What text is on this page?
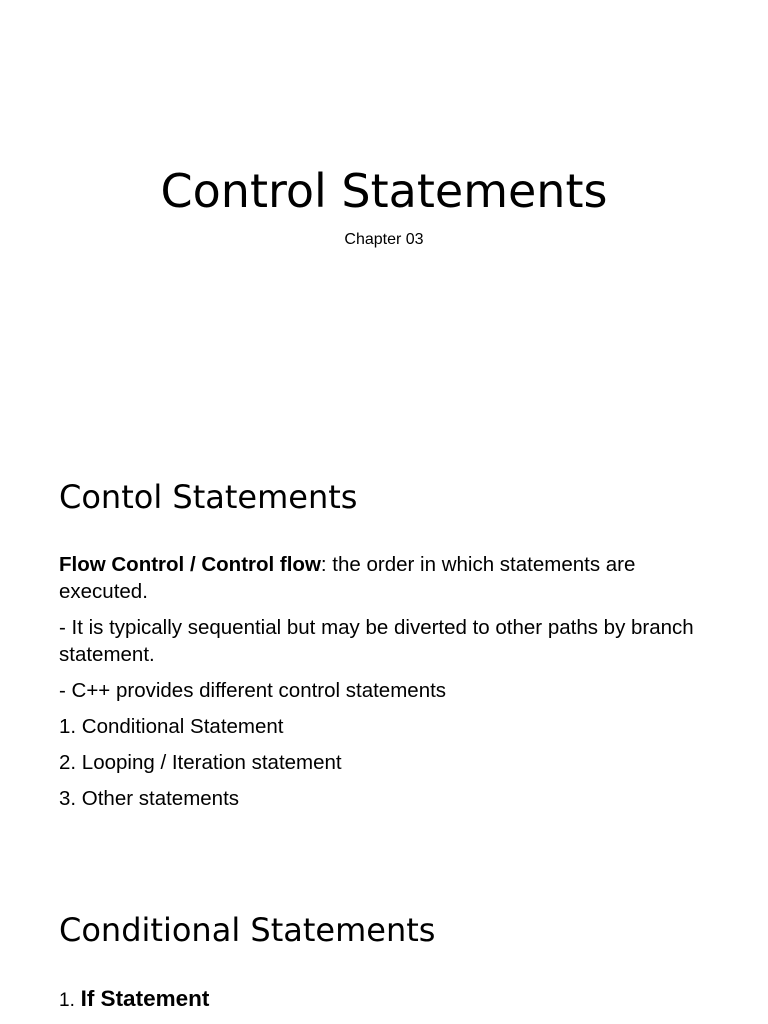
Control Statements

Chapter 03

Contol Statements

Flow Control / Control flow: the order in which statements are executed.

- It is typically sequential but may be diverted to other paths by branch statement.

- C++ provides different control statements

1. Conditional Statement

2. Looping / Iteration statement

3. Other statements

Conditional Statements

1. If Statement
